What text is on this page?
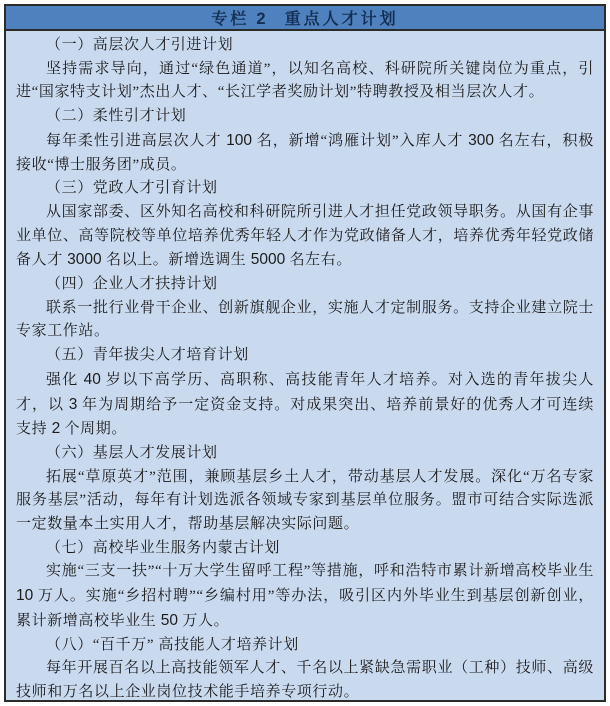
专栏 2　重点人才计划

（一）高层次人才引进计划

坚持需求导向，通过“绿色通道”，以知名高校、科研院所关键岗位为重点，引进“国家特支计划”杰出人才、“长江学者奖励计划”特聘教授及相当层次人才。

（二）柔性引才计划

每年柔性引进高层次人才 100 名，新增“鸿雁计划”入库人才 300 名左右，积极接收“博士服务团”成员。

（三）党政人才引育计划

从国家部委、区外知名高校和科研院所引进人才担任党政领导职务。从国有企事业单位、高等院校等单位培养优秀年轻人才作为党政储备人才，培养优秀年轻党政储备人才 3000 名以上。新增选调生 5000 名左右。

（四）企业人才扶持计划

联系一批行业骨干企业、创新旗舰企业，实施人才定制服务。支持企业建立院士专家工作站。

（五）青年拔尖人才培育计划

强化 40 岁以下高学历、高职称、高技能青年人才培养。对入选的青年拔尖人才，以 3 年为周期给予一定资金支持。对成果突出、培养前景好的优秀人才可连续支持 2 个周期。

（六）基层人才发展计划

拓展“草原英才”范围，兼顾基层乡土人才，带动基层人才发展。深化“万名专家服务基层”活动，每年有计划选派各领域专家到基层单位服务。盟市可结合实际选派一定数量本土实用人才，帮助基层解决实际问题。

（七）高校毕业生服务内蒙古计划

实施“三支一扶”“十万大学生留呼工程”等措施，呼和浩特市累计新增高校毕业生 10 万人。实施“乡招村聘”“乡编村用”等办法，吸引区内外毕业生到基层创新创业，累计新增高校毕业生 50 万人。

（八）“百千万” 高技能人才培养计划

每年开展百名以上高技能领军人才、千名以上紧缺急需职业（工种）技师、高级技师和万名以上企业岗位技术能手培养专项行动。
